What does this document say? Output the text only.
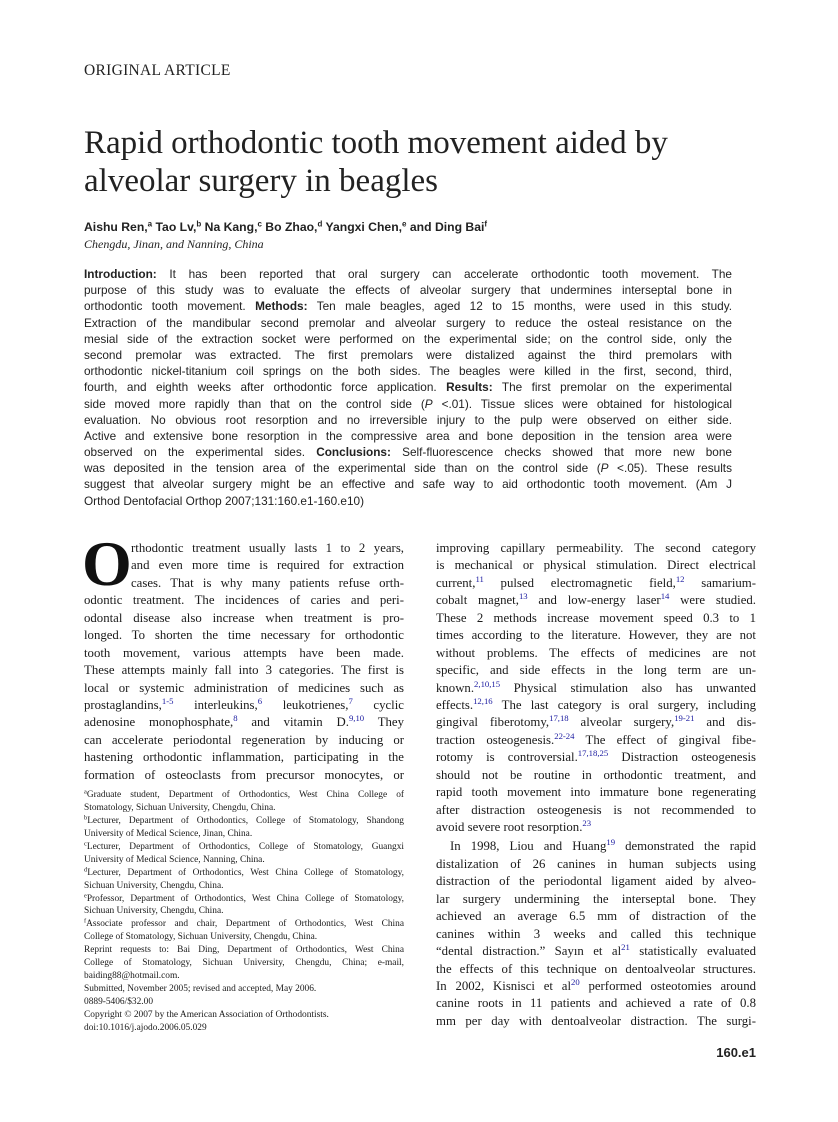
ORIGINAL ARTICLE
Rapid orthodontic tooth movement aided by
alveolar surgery in beagles
Aishu Ren,$^a$ Tao Lv,$^b$ Na Kang,$^c$ Bo Zhao,$^d$ Yangxi Chen,$^e$ and Ding Bai$^f$
Chengdu, Jinan, and Nanning, China
Introduction: It has been reported that oral surgery can accelerate orthodontic tooth movement. The
purpose of this study was to evaluate the effects of alveolar surgery that undermines interseptal bone in
orthodontic tooth movement. Methods: Ten male beagles, aged 12 to 15 months, were used in this study.
Extraction of the mandibular second premolar and alveolar surgery to reduce the osteal resistance on the
mesial side of the extraction socket were performed on the experimental side; on the control side, only the
second premolar was extracted. The first premolars were distalized against the third premolars with
orthodontic nickel-titanium coil springs on the both sides. The beagles were killed in the first, second, third,
fourth, and eighth weeks after orthodontic force application. Results: The first premolar on the experimental
side moved more rapidly than that on the control side (P <.01). Tissue slices were obtained for histological
evaluation. No obvious root resorption and no irreversible injury to the pulp were observed on either side.
Active and extensive bone resorption in the compressive area and bone deposition in the tension area were
observed on the experimental sides. Conclusions: Self-fluorescence checks showed that more new bone
was deposited in the tension area of the experimental side than on the control side (P <.05). These results
suggest that alveolar surgery might be an effective and safe way to aid orthodontic tooth movement. (Am J
Orthod Dentofacial Orthop 2007;131:160.e1-160.e10)
O rthodontic treatment usually lasts 1 to 2 years,
and even more time is required for extraction
cases. That is why many patients refuse orth-
odontic treatment. The incidences of caries and peri-
odontal disease also increase when treatment is pro-
longed. To shorten the time necessary for orthodontic
tooth movement, various attempts have been made.
These attempts mainly fall into 3 categories. The first is
local or systemic administration of medicines such as
prostaglandins,$^{1-5}$ interleukins,$^6$ leukotrienes,$^7$ cyclic
adenosine monophosphate,$^8$ and vitamin D.$^{9,10}$ They
can accelerate periodontal regeneration by inducing or
hastening orthodontic inflammation, participating in the
formation of osteoclasts from precursor monocytes, or
improving capillary permeability. The second category
is mechanical or physical stimulation. Direct electrical
current,$^{11}$ pulsed electromagnetic field,$^{12}$ samarium-
cobalt magnet,$^{13}$ and low-energy laser$^{14}$ were studied.
These 2 methods increase movement speed 0.3 to 1
times according to the literature. However, they are not
without problems. The effects of medicines are not
specific, and side effects in the long term are un-
known.$^{2,10,15}$ Physical stimulation also has unwanted
effects.$^{12,16}$ The last category is oral surgery, including
gingival fiberotomy,$^{17,18}$ alveolar surgery,$^{19-21}$ and dis-
traction osteogenesis.$^{22-24}$ The effect of gingival fibe-
rotomy is controversial.$^{17,18,25}$ Distraction osteogenesis
should not be routine in orthodontic treatment, and
rapid tooth movement into immature bone regenerating
after distraction osteogenesis is not recommended to
avoid severe root resorption.$^{23}$
In 1998, Liou and Huang$^{19}$ demonstrated the rapid
distalization of 26 canines in human subjects using
distraction of the periodontal ligament aided by alveo-
lar surgery undermining the interseptal bone. They
achieved an average 6.5 mm of distraction of the
canines within 3 weeks and called this technique
“dental distraction.” Sayın et $al^{21}$ statistically evaluated
the effects of this technique on dentoalveolar structures.
In 2002, Kisnisci et $al^{20}$ performed osteotomies around
canine roots in 11 patients and achieved a rate of 0.8
mm per day with dentoalveolar distraction. The surgi-
$^a$Graduate student, Department of Orthodontics, West China College of
Stomatology, Sichuan University, Chengdu, China.
$^b$Lecturer, Department of Orthodontics, College of Stomatology, Shandong
University of Medical Science, Jinan, China.
$^c$Lecturer, Department of Orthodontics, College of Stomatology, Guangxi
University of Medical Science, Nanning, China.
$^d$Lecturer, Department of Orthodontics, West China College of Stomatology,
Sichuan University, Chengdu, China.
$^e$Professor, Department of Orthodontics, West China College of Stomatology,
Sichuan University, Chengdu, China.
$^f$Associate professor and chair, Department of Orthodontics, West China
College of Stomatology, Sichuan University, Chengdu, China.
Reprint requests to: Bai Ding, Department of Orthodontics, West China
College of Stomatology, Sichuan University, Chengdu, China; e-mail,
baiding88@hotmail.com.
Submitted, November 2005; revised and accepted, May 2006.
0889-5406/$32.00
Copyright © 2007 by the American Association of Orthodontists.
doi:10.1016/j.ajodo.2006.05.029
160.e1
